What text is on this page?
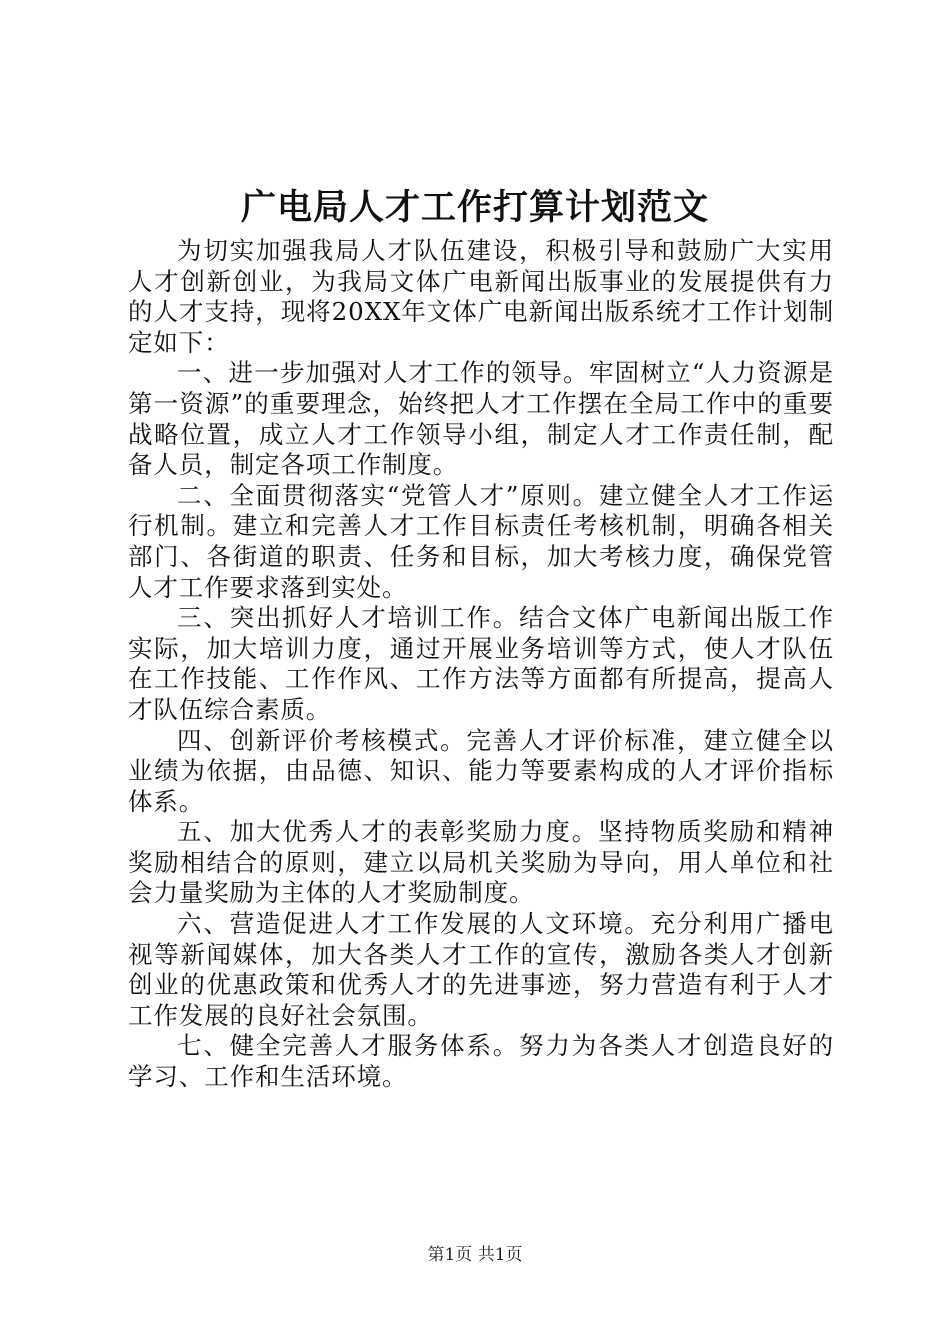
广电局人才工作打算计划范文

为切实加强我局人才队伍建设，积极引导和鼓励广大实用人才创新创业，为我局文体广电新闻出版事业的发展提供有力的人才支持，现将20XX年文体广电新闻出版系统才工作计划制定如下：

一、进一步加强对人才工作的领导。牢固树立“人力资源是第一资源”的重要理念，始终把人才工作摆在全局工作中的重要战略位置，成立人才工作领导小组，制定人才工作责任制，配备人员，制定各项工作制度。

二、全面贯彻落实“党管人才”原则。建立健全人才工作运行机制。建立和完善人才工作目标责任考核机制，明确各相关部门、各街道的职责、任务和目标，加大考核力度，确保党管人才工作要求落到实处。

三、突出抓好人才培训工作。结合文体广电新闻出版工作实际，加大培训力度，通过开展业务培训等方式，使人才队伍在工作技能、工作作风、工作方法等方面都有所提高，提高人才队伍综合素质。

四、创新评价考核模式。完善人才评价标准，建立健全以业绩为依据，由品德、知识、能力等要素构成的人才评价指标体系。

五、加大优秀人才的表彰奖励力度。坚持物质奖励和精神奖励相结合的原则，建立以局机关奖励为导向，用人单位和社会力量奖励为主体的人才奖励制度。

六、营造促进人才工作发展的人文环境。充分利用广播电视等新闻媒体，加大各类人才工作的宣传，激励各类人才创新创业的优惠政策和优秀人才的先进事迹，努力营造有利于人才工作发展的良好社会氛围。

七、健全完善人才服务体系。努力为各类人才创造良好的学习、工作和生活环境。

第1页 共1页
